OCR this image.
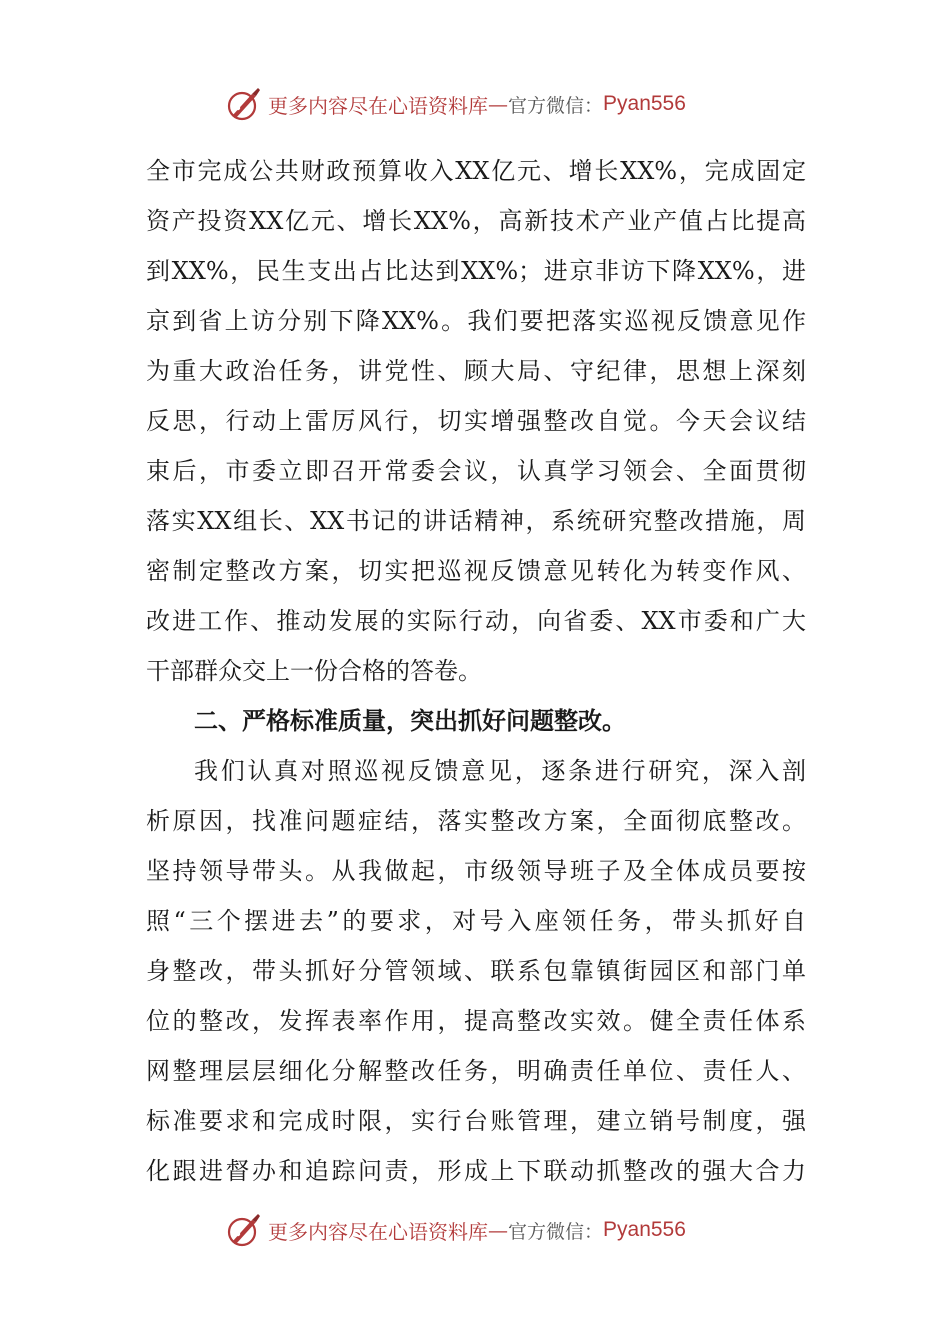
更多内容尽在心语资料库 — 官方微信： Pyan556
全市完成公共财政预算收入XX亿元、增长XX%，完成固定
资产投资XX亿元、增长XX%，高新技术产业产值占比提高
到XX%，民生支出占比达到XX%；进京非访下降XX%，进
京到省上访分别下降XX%。我们要把落实巡视反馈意见作
为重大政治任务，讲党性、顾大局、守纪律，思想上深刻
反思，行动上雷厉风行，切实增强整改自觉。今天会议结
束后，市委立即召开常委会议，认真学习领会、全面贯彻
落实XX组长、XX书记的讲话精神，系统研究整改措施，周
密制定整改方案，切实把巡视反馈意见转化为转变作风、
改进工作、推动发展的实际行动，向省委、XX市委和广大
干部群众交上一份合格的答卷。
二、严格标准质量，突出抓好问题整改。
我们认真对照巡视反馈意见，逐条进行研究，深入剖
析原因，找准问题症结，落实整改方案，全面彻底整改。
坚持领导带头。从我做起，市级领导班子及全体成员要按
照“三个摆进去”的要求，对号入座领任务，带头抓好自
身整改，带头抓好分管领域、联系包靠镇街园区和部门单
位的整改，发挥表率作用，提高整改实效。健全责任体系
网整理层层细化分解整改任务，明确责任单位、责任人、
标准要求和完成时限，实行台账管理，建立销号制度，强
化跟进督办和追踪问责，形成上下联动抓整改的强大合力
更多内容尽在心语资料库 — 官方微信： Pyan556
